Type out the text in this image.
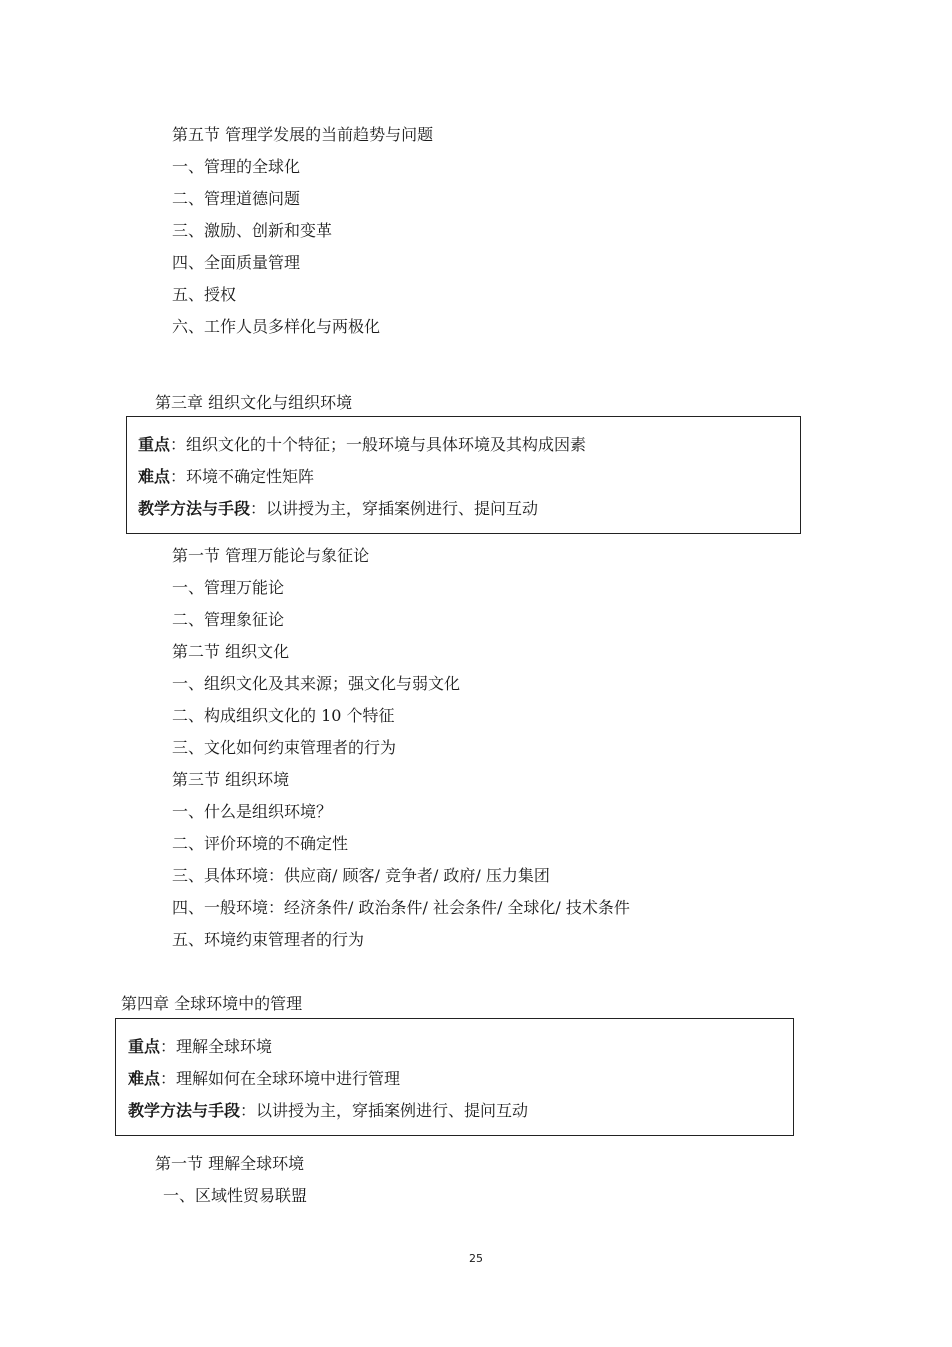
第五节 管理学发展的当前趋势与问题
一、管理的全球化
二、管理道德问题
三、激励、创新和变革
四、全面质量管理
五、授权
六、工作人员多样化与两极化
第三章 组织文化与组织环境
重点：组织文化的十个特征；一般环境与具体环境及其构成因素
难点：环境不确定性矩阵
教学方法与手段：以讲授为主，穿插案例进行、提问互动
第一节 管理万能论与象征论
一、管理万能论
二、管理象征论
第二节 组织文化
一、组织文化及其来源；强文化与弱文化
二、构成组织文化的 10 个特征
三、文化如何约束管理者的行为
第三节 组织环境
一、什么是组织环境？
二、评价环境的不确定性
三、具体环境：供应商/ 顾客/ 竞争者/ 政府/ 压力集团
四、一般环境：经济条件/ 政治条件/ 社会条件/ 全球化/ 技术条件
五、环境约束管理者的行为
第四章 全球环境中的管理
重点：理解全球环境
难点：理解如何在全球环境中进行管理
教学方法与手段：以讲授为主，穿插案例进行、提问互动
第一节 理解全球环境
一、区域性贸易联盟
25
